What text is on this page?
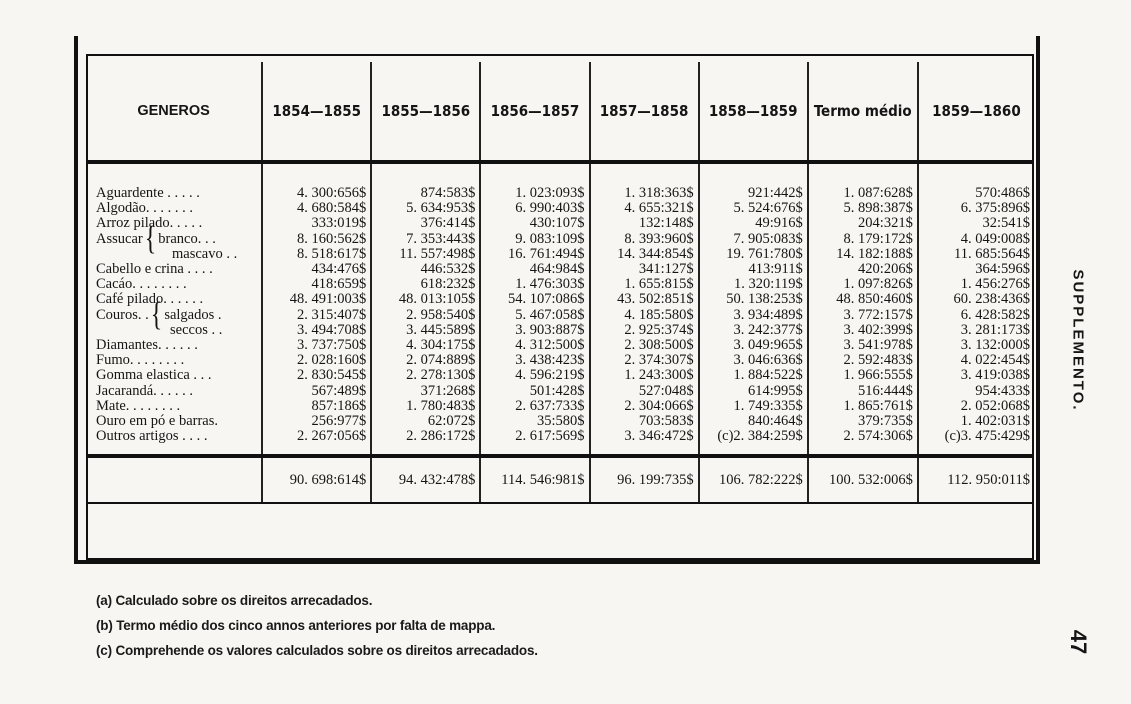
GENEROS	1854—1855	1855—1856	1856—1857	1857—1858	1858—1859	Termo médio	1859—1860
Aguardente . . . . .	4. 300:656$	874:583$	1. 023:093$	1. 318:363$	921:442$	1. 087:628$	570:486$
Algodão. . . . . . .	4. 680:584$	5. 634:953$	6. 990:403$	4. 655:321$	5. 524:676$	5. 898:387$	6. 375:896$
Arroz pilado. . . . .	333:019$	376:414$	430:107$	132:148$	49:916$	204:321$	32:541$
Assucar{ branco. . .	8. 160:562$	7. 353:443$	9. 083:109$	8. 393:960$	7. 905:083$	8. 179:172$	4. 049:008$
mascavo . .	8. 518:617$	11. 557:498$	16. 761:494$	14. 344:854$	19. 761:780$	14. 182:188$	11. 685:564$
Cabello e crina . . . .	434:476$	446:532$	464:984$	341:127$	413:911$	420:206$	364:596$
Cacáo. . . . . . . .	418:659$	618:232$	1. 476:303$	1. 655:815$	1. 320:119$	1. 097:826$	1. 456:276$
Café pilado. . . . . .	48. 491:003$	48. 013:105$	54. 107:086$	43. 502:851$	50. 138:253$	48. 850:460$	60. 238:436$
Couros. .{ salgados .	2. 315:407$	2. 958:540$	5. 467:058$	4. 185:580$	3. 934:489$	3. 772:157$	6. 428:582$
seccos . .	3. 494:708$	3. 445:589$	3. 903:887$	2. 925:374$	3. 242:377$	3. 402:399$	3. 281:173$
Diamantes. . . . . .	3. 737:750$	4. 304:175$	4. 312:500$	2. 308:500$	3. 049:965$	3. 541:978$	3. 132:000$
Fumo. . . . . . . .	2. 028:160$	2. 074:889$	3. 438:423$	2. 374:307$	3. 046:636$	2. 592:483$	4. 022:454$
Gomma elastica . . .	2. 830:545$	2. 278:130$	4. 596:219$	1. 243:300$	1. 884:522$	1. 966:555$	3. 419:038$
Jacarandá. . . . . .	567:489$	371:268$	501:428$	527:048$	614:995$	516:444$	954:433$
Mate. . . . . . . .	857:186$	1. 780:483$	2. 637:733$	2. 304:066$	1. 749:335$	1. 865:761$	2. 052:068$
Ouro em pó e barras.	256:977$	62:072$	35:580$	703:583$	840:464$	379:735$	1. 402:031$
Outros artigos . . . .	2. 267:056$	2. 286:172$	2. 617:569$	3. 346:472$	(c)2. 384:259$	2. 574:306$	(c)3. 475:429$
	90. 698:614$	94. 432:478$	114. 546:981$	96. 199:735$	106. 782:222$	100. 532:006$	112. 950:011$
(a) Calculado sobre os direitos arrecadados.
(b) Termo médio dos cinco annos anteriores por falta de mappa.
(c) Comprehende os valores calculados sobre os direitos arrecadados.
SUPPLEMENTO.
47
